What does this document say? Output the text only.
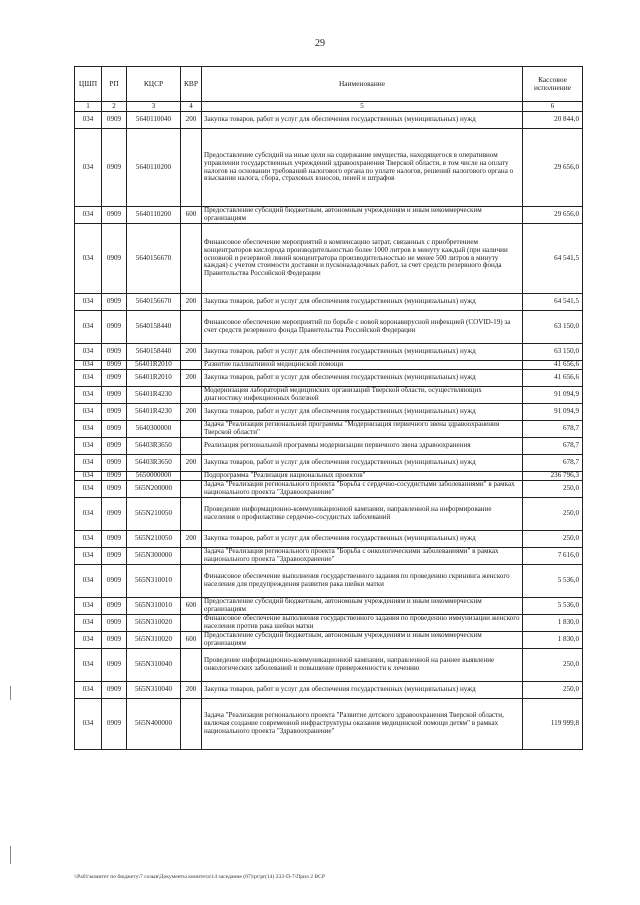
29
ЦШП	РП	КЦСР	КВР	Наименование	Кассовое исполнение
1	2	3	4	5	6
034	0909	5640110040	200	Закупка товаров, работ и услуг для обеспечения государственных (муниципальных) нужд	20 844,0
034	0909	5640110200		Предоставление субсидий на иные цели на содержание имущества, находящегося в оперативном управлении государственных учреждений здравоохранения Тверской области, в том числе на оплату налогов на основании требований налогового органа по уплате налогов, решений налогового органа о взыскании налога, сбора, страховых взносов, пеней и штрафов	29 656,0
034	0909	5640110200	600	Предоставление субсидий бюджетным, автономным учреждениям и иным некоммерческим организациям	29 656,0
034	0909	5640156670		Финансовое обеспечение мероприятий в компенсацию затрат, связанных с приобретением концентраторов кислорода производительностью более 1000 литров в минуту каждый (при наличии основной и резервной линий концентратора производительностью не менее 500 литров в минуту каждая) с учетом стоимости доставки и пусконаладочных работ, за счет средств резервного фонда Правительства Российской Федерации	64 541,5
034	0909	5640156670	200	Закупка товаров, работ и услуг для обеспечения государственных (муниципальных) нужд	64 541,5
034	0909	5640158440		Финансовое обеспечение мероприятий по борьбе с новой коронавирусной инфекцией (COVID-19) за счет средств резервного фонда Правительства Российской Федерации	63 150,0
034	0909	5640158440	200	Закупка товаров, работ и услуг для обеспечения государственных (муниципальных) нужд	63 150,0
034	0909	56401R2010		Развитие паллиативной медицинской помощи	41 656,6
034	0909	56401R2010	200	Закупка товаров, работ и услуг для обеспечения государственных (муниципальных) нужд	41 656,6
034	0909	56401R4230		Модернизация лабораторий медицинских организаций Тверской области, осуществляющих диагностику инфекционных болезней	91 094,9
034	0909	56401R4230	200	Закупка товаров, работ и услуг для обеспечения государственных (муниципальных) нужд	91 094,9
034	0909	5640300000		Задача "Реализация региональной программы "Модернизация первичного звена здравоохранения Тверской области"	678,7
034	0909	56403R3650		Реализация региональной программы модернизации первичного звена здравоохранения	678,7
034	0909	56403R3650	200	Закупка товаров, работ и услуг для обеспечения государственных (муниципальных) нужд	678,7
034	0909	5650000000		Подпрограмма "Реализация национальных проектов"	236 796,3
034	0909	565N200000		Задача "Реализация регионального проекта "Борьба с сердечно-сосудистыми заболеваниями" в рамках национального проекта "Здравоохранение"	250,0
034	0909	565N210050		Проведение информационно-коммуникационной кампании, направленной на информирование населения о профилактике сердечно-сосудистых заболеваний	250,0
034	0909	565N210050	200	Закупка товаров, работ и услуг для обеспечения государственных (муниципальных) нужд	250,0
034	0909	565N300000		Задача "Реализация регионального проекта "Борьба с онкологическими заболеваниями" в рамках национального проекта "Здравоохранение"	7 616,0
034	0909	565N310010		Финансовое обеспечение выполнения государственного задания по проведению скрининга женского населения для предупреждения развития рака шейки матки	5 536,0
034	0909	565N310010	600	Предоставление субсидий бюджетным, автономным учреждениям и иным некоммерческим организациям	5 536,0
034	0909	565N310020		Финансовое обеспечение выполнения государственного задания по проведению иммунизации женского населения против рака шейки матки	1 830,0
034	0909	565N310020	600	Предоставление субсидий бюджетным, автономным учреждениям и иным некоммерческим организациям	1 830,0
034	0909	565N310040		Проведение информационно-коммуникационной кампании, направленной на раннее выявление онкологических заболеваний и повышение приверженности к лечению	250,0
034	0909	565N310040	200	Закупка товаров, работ и услуг для обеспечения государственных (муниципальных) нужд	250,0
034	0909	565N400000		Задача "Реализация регионального проекта "Развитие детского здравоохранения Тверской области, включая создание современной инфраструктуры оказания медицинской помощи детям" в рамках национального проекта "Здравоохранение"	119 999,8
\\Pa01\комитет по бюджету\7 созыв\Документы комитета\14 заседание (07)\pr\pr(14) 233-П-7\Прил 2 ВСР
